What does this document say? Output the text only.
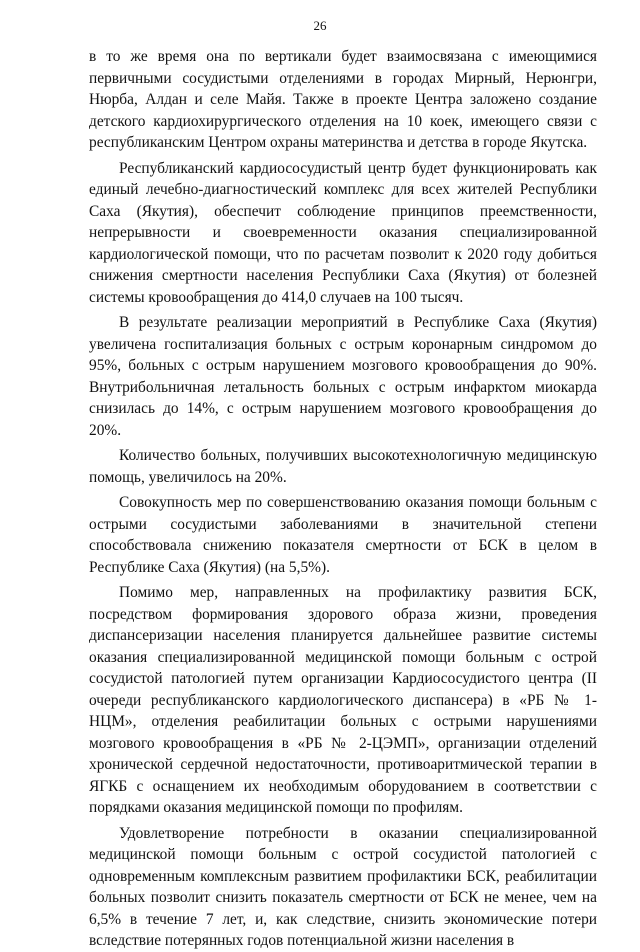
26

в то же время она по вертикали будет взаимосвязана с имеющимися первичными сосудистыми отделениями в городах Мирный, Нерюнгри, Нюрба, Алдан и селе Майя. Также в проекте Центра заложено создание детского кардиохирургического отделения на 10 коек, имеющего связи с республиканским Центром охраны материнства и детства в городе Якутска.

Республиканский кардиососудистый центр будет функционировать как единый лечебно-диагностический комплекс для всех жителей Республики Саха (Якутия), обеспечит соблюдение принципов преемственности, непрерывности и своевременности оказания специализированной кардиологической помощи, что по расчетам позволит к 2020 году добиться снижения смертности населения Республики Саха (Якутия) от болезней системы кровообращения до 414,0 случаев на 100 тысяч.

В результате реализации мероприятий в Республике Саха (Якутия) увеличена госпитализация больных с острым коронарным синдромом до 95%, больных с острым нарушением мозгового кровообращения до 90%. Внутрибольничная летальность больных с острым инфарктом миокарда снизилась до 14%, с острым нарушением мозгового кровообращения до 20%.

Количество больных, получивших высокотехнологичную медицинскую помощь, увеличилось на 20%.

Совокупность мер по совершенствованию оказания помощи больным с острыми сосудистыми заболеваниями в значительной степени способствовала снижению показателя смертности от БСК в целом в Республике Саха (Якутия) (на 5,5%).

Помимо мер, направленных на профилактику развития БСК, посредством формирования здорового образа жизни, проведения диспансеризации населения планируется дальнейшее развитие системы оказания специализированной медицинской помощи больным с острой сосудистой патологией путем организации Кардиососудистого центра (II очереди республиканского кардиологического диспансера) в «РБ № 1-НЦМ», отделения реабилитации больных с острыми нарушениями мозгового кровообращения в «РБ № 2-ЦЭМП», организации отделений хронической сердечной недостаточности, противоаритмической терапии в ЯГКБ с оснащением их необходимым оборудованием в соответствии с порядками оказания медицинской помощи по профилям.

Удовлетворение потребности в оказании специализированной медицинской помощи больным с острой сосудистой патологией с одновременным комплексным развитием профилактики БСК, реабилитации больных позволит снизить показатель смертности от БСК не менее, чем на 6,5% в течение 7 лет, и, как следствие, снизить экономические потери вследствие потерянных годов потенциальной жизни населения в
